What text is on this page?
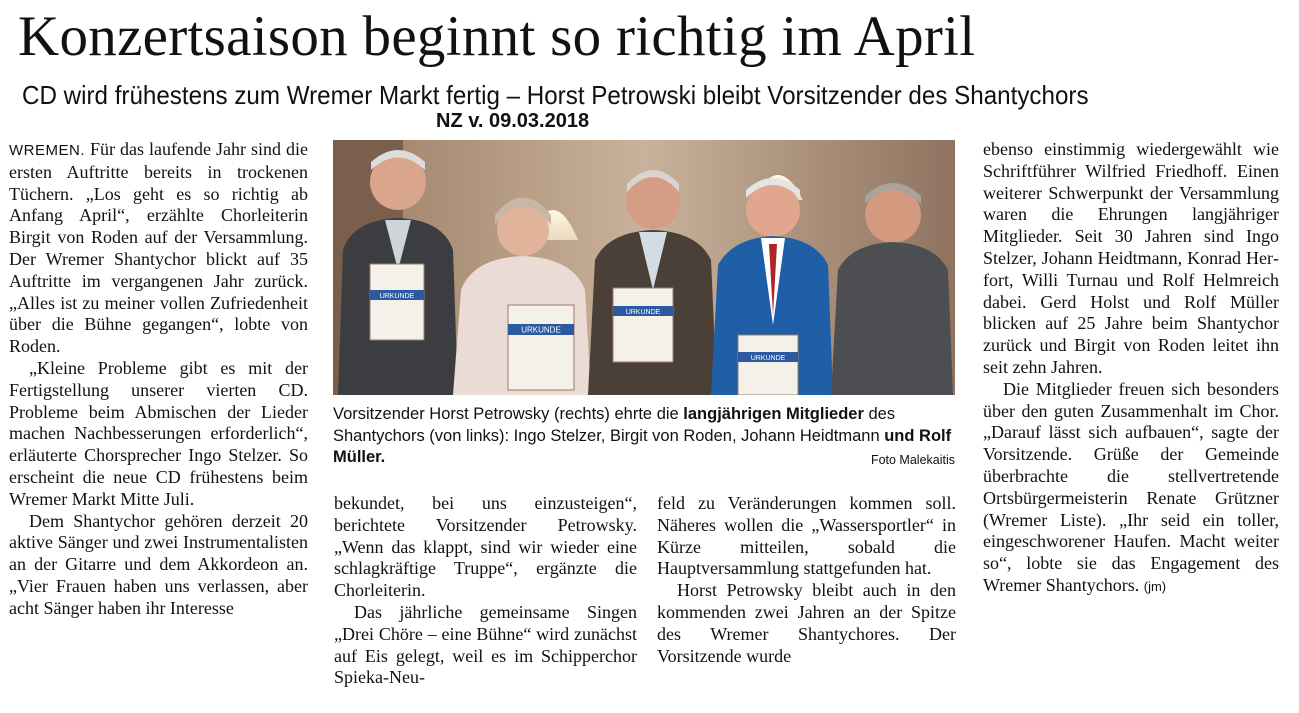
Konzertsaison beginnt so richtig im April
CD wird frühestens zum Wremer Markt fertig – Horst Petrowski bleibt Vorsitzender des Shantychors
NZ v. 09.03.2018

WREMEN. Für das laufende Jahr sind die ersten Auftritte bereits in trockenen Tüchern. „Los geht es so richtig ab Anfang April“, erzählte Chorleiterin Birgit von Roden auf der Versammlung. Der Wremer Shantychor blickt auf 35 Auftritte im vergangenen Jahr zurück. „Alles ist zu meiner vollen Zufriedenheit über die Bühne gegangen“, lobte von Roden.

„Kleine Probleme gibt es mit der Fertigstellung unserer vierten CD. Probleme beim Abmischen der Lieder machen Nachbesserungen erforderlich“, erläuterte Chorsprecher Ingo Stelzer. So erscheint die neue CD frühestens beim Wremer Markt Mitte Juli.

Dem Shantychor gehören derzeit 20 aktive Sänger und zwei Instrumentalisten an der Gitarre und dem Akkordeon an. „Vier Frauen haben uns verlassen, aber acht Sänger haben ihr Interesse

URKUNDE
URKUNDE
URKUNDE
URKUNDE
Vorsitzender Horst Petrowsky (rechts) ehrte die langjährigen Mitglieder des Shantychors (von links): Ingo Stelzer, Birgit von Roden, Johann Heidtmann und Rolf Müller.	Foto Malekaitis

bekundet, bei uns einzusteigen“, berichtete Vorsitzender Petrowsky. „Wenn das klappt, sind wir wieder eine schlagkräftige Truppe“, ergänzte die Chorleiterin.

Das jährliche gemeinsame Singen „Drei Chöre – eine Bühne“ wird zunächst auf Eis gelegt, weil es im Schipperchor Spieka-Neu-

feld zu Veränderungen kommen soll. Näheres wollen die „Wassersportler“ in Kürze mitteilen, sobald die Hauptversammlung stattgefunden hat.

Horst Petrowsky bleibt auch in den kommenden zwei Jahren an der Spitze des Wremer Shantychores. Der Vorsitzende wurde

ebenso einstimmig wiedergewählt wie Schriftführer Wilfried Friedhoff. Einen weiterer Schwerpunkt der Versammlung waren die Ehrungen langjähriger Mitglieder. Seit 30 Jahren sind Ingo Stelzer, Johann Heidtmann, Konrad Herfort, Willi Turnau und Rolf Helmreich dabei. Gerd Holst und Rolf Müller blicken auf 25 Jahre beim Shantychor zurück und Birgit von Roden leitet ihn seit zehn Jahren.

Die Mitglieder freuen sich besonders über den guten Zusammenhalt im Chor. „Darauf lässt sich aufbauen“, sagte der Vorsitzende. Grüße der Gemeinde überbrachte die stellvertretende Ortsbürgermeisterin Renate Grützner (Wremer Liste). „Ihr seid ein toller, eingeschworener Haufen. Macht weiter so“, lobte sie das Engagement des Wremer Shantychors. (jm)
